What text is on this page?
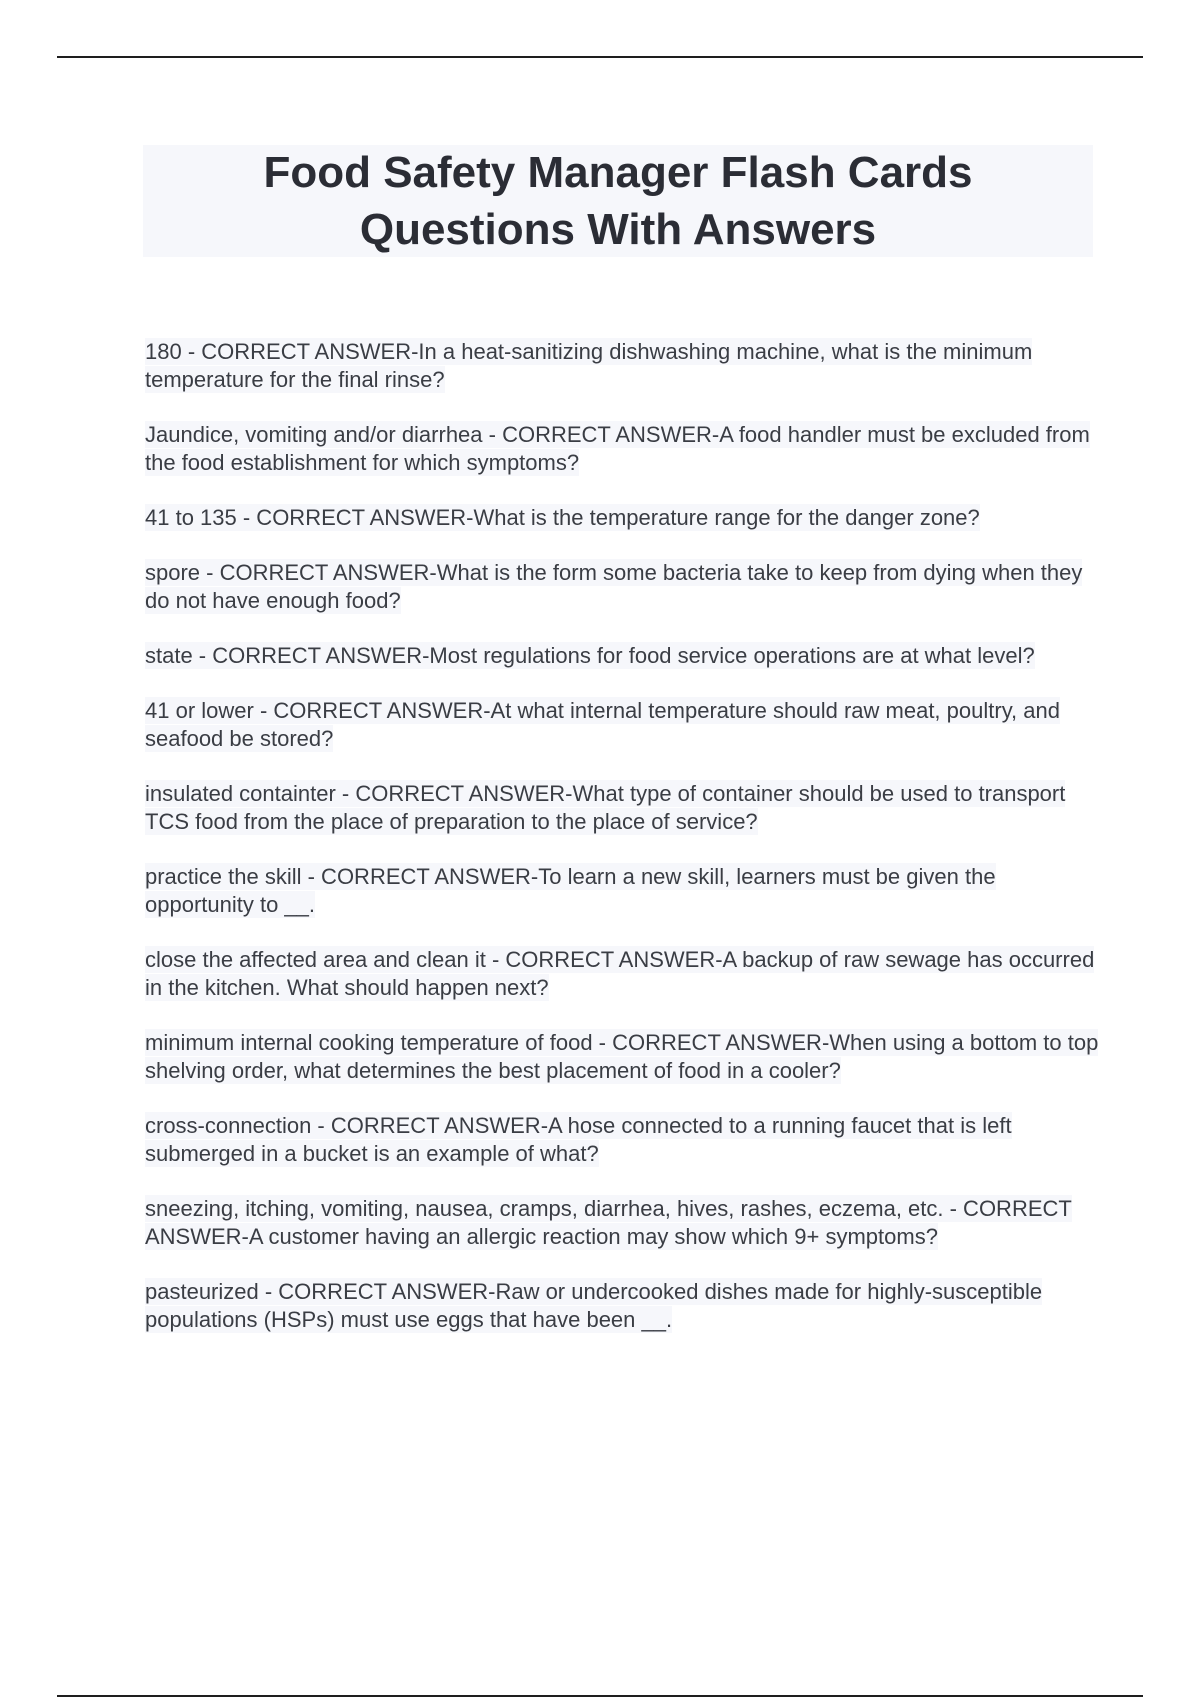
Food Safety Manager Flash Cards
Questions With Answers

180 - CORRECT ANSWER-In a heat-sanitizing dishwashing machine, what is the minimum temperature for the final rinse?

Jaundice, vomiting and/or diarrhea - CORRECT ANSWER-A food handler must be excluded from the food establishment for which symptoms?

41 to 135 - CORRECT ANSWER-What is the temperature range for the danger zone?

spore - CORRECT ANSWER-What is the form some bacteria take to keep from dying when they do not have enough food?

state - CORRECT ANSWER-Most regulations for food service operations are at what level?

41 or lower - CORRECT ANSWER-At what internal temperature should raw meat, poultry, and seafood be stored?

insulated containter - CORRECT ANSWER-What type of container should be used to transport TCS food from the place of preparation to the place of service?

practice the skill - CORRECT ANSWER-To learn a new skill, learners must be given the opportunity to __.

close the affected area and clean it - CORRECT ANSWER-A backup of raw sewage has occurred in the kitchen. What should happen next?

minimum internal cooking temperature of food - CORRECT ANSWER-When using a bottom to top shelving order, what determines the best placement of food in a cooler?

cross-connection - CORRECT ANSWER-A hose connected to a running faucet that is left submerged in a bucket is an example of what?

sneezing, itching, vomiting, nausea, cramps, diarrhea, hives, rashes, eczema, etc. - CORRECT ANSWER-A customer having an allergic reaction may show which 9+ symptoms?

pasteurized - CORRECT ANSWER-Raw or undercooked dishes made for highly-susceptible populations (HSPs) must use eggs that have been __.
